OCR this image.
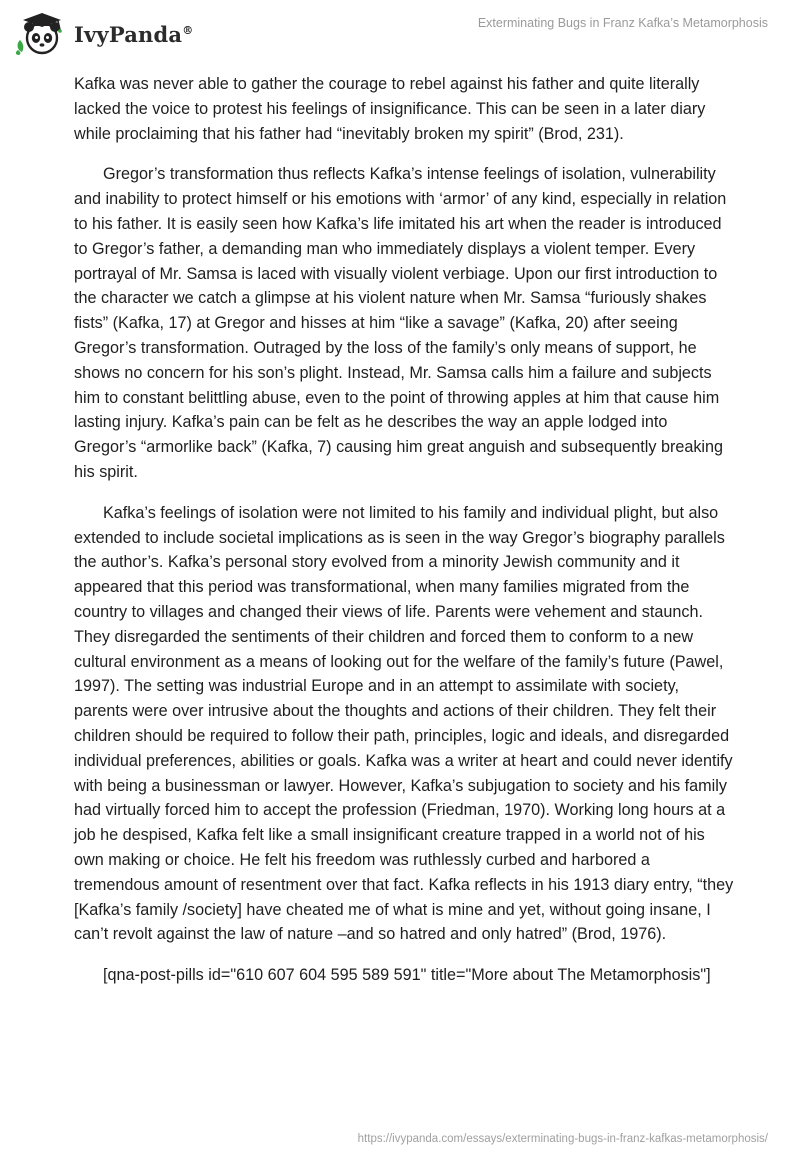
IvyPanda®	Exterminating Bugs in Franz Kafka’s Metamorphosis

Kafka was never able to gather the courage to rebel against his father and quite literally lacked the voice to protest his feelings of insignificance. This can be seen in a later diary while proclaiming that his father had “inevitably broken my spirit” (Brod, 231).

Gregor’s transformation thus reflects Kafka’s intense feelings of isolation, vulnerability and inability to protect himself or his emotions with ‘armor’ of any kind, especially in relation to his father. It is easily seen how Kafka’s life imitated his art when the reader is introduced to Gregor’s father, a demanding man who immediately displays a violent temper. Every portrayal of Mr. Samsa is laced with visually violent verbiage. Upon our first introduction to the character we catch a glimpse at his violent nature when Mr. Samsa “furiously shakes fists” (Kafka, 17) at Gregor and hisses at him “like a savage” (Kafka, 20) after seeing Gregor’s transformation. Outraged by the loss of the family’s only means of support, he shows no concern for his son’s plight. Instead, Mr. Samsa calls him a failure and subjects him to constant belittling abuse, even to the point of throwing apples at him that cause him lasting injury. Kafka’s pain can be felt as he describes the way an apple lodged into Gregor’s “armorlike back” (Kafka, 7) causing him great anguish and subsequently breaking his spirit.

Kafka’s feelings of isolation were not limited to his family and individual plight, but also extended to include societal implications as is seen in the way Gregor’s biography parallels the author’s. Kafka’s personal story evolved from a minority Jewish community and it appeared that this period was transformational, when many families migrated from the country to villages and changed their views of life. Parents were vehement and staunch. They disregarded the sentiments of their children and forced them to conform to a new cultural environment as a means of looking out for the welfare of the family’s future (Pawel, 1997). The setting was industrial Europe and in an attempt to assimilate with society, parents were over intrusive about the thoughts and actions of their children. They felt their children should be required to follow their path, principles, logic and ideals, and disregarded individual preferences, abilities or goals. Kafka was a writer at heart and could never identify with being a businessman or lawyer. However, Kafka’s subjugation to society and his family had virtually forced him to accept the profession (Friedman, 1970). Working long hours at a job he despised, Kafka felt like a small insignificant creature trapped in a world not of his own making or choice. He felt his freedom was ruthlessly curbed and harbored a tremendous amount of resentment over that fact. Kafka reflects in his 1913 diary entry, “they [Kafka’s family /society] have cheated me of what is mine and yet, without going insane, I can’t revolt against the law of nature –and so hatred and only hatred” (Brod, 1976).

[qna-post-pills id="610 607 604 595 589 591" title="More about The Metamorphosis"]

https://ivypanda.com/essays/exterminating-bugs-in-franz-kafkas-metamorphosis/
